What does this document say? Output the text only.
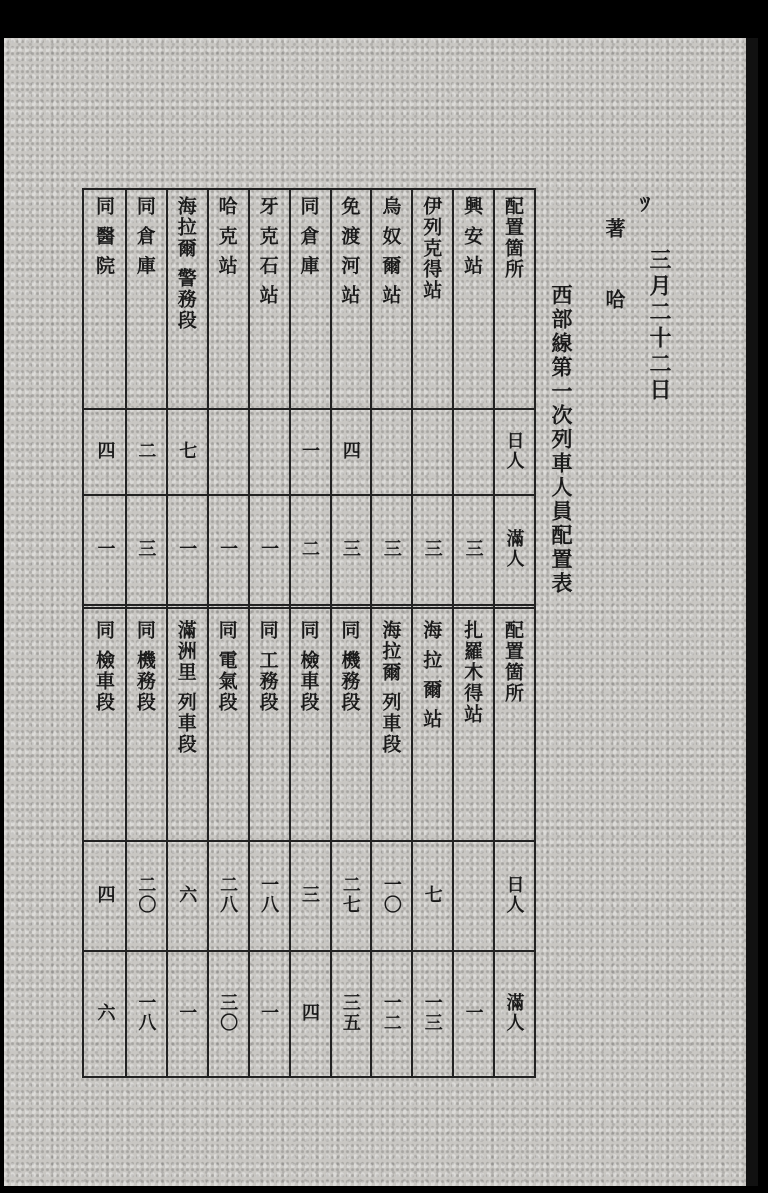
ﾂ
三月二十二日
著 哈
西部線第一次列車人員配置表
配置箇所
日人
滿人
興 安 站
三
伊列克得站
三
烏 奴 爾 站
三
免 渡 河 站
四
三
同 倉 庫
一
二
牙 克 石 站
一
哈 克 站
一
海拉爾 警務段
七
一
同 倉 庫
二
三
同 醫 院
四
一
配置箇所
日人
滿人
扎羅木得站
一
海 拉 爾 站
七
一三
海拉爾 列車段
一〇
一二
同 機務段
二七
三五
同 檢車段
三
四
同 工務段
一八
一
同 電氣段
二八
三〇
滿洲里 列車段
六
一
同 機務段
二〇
一八
同 檢車段
四
六
